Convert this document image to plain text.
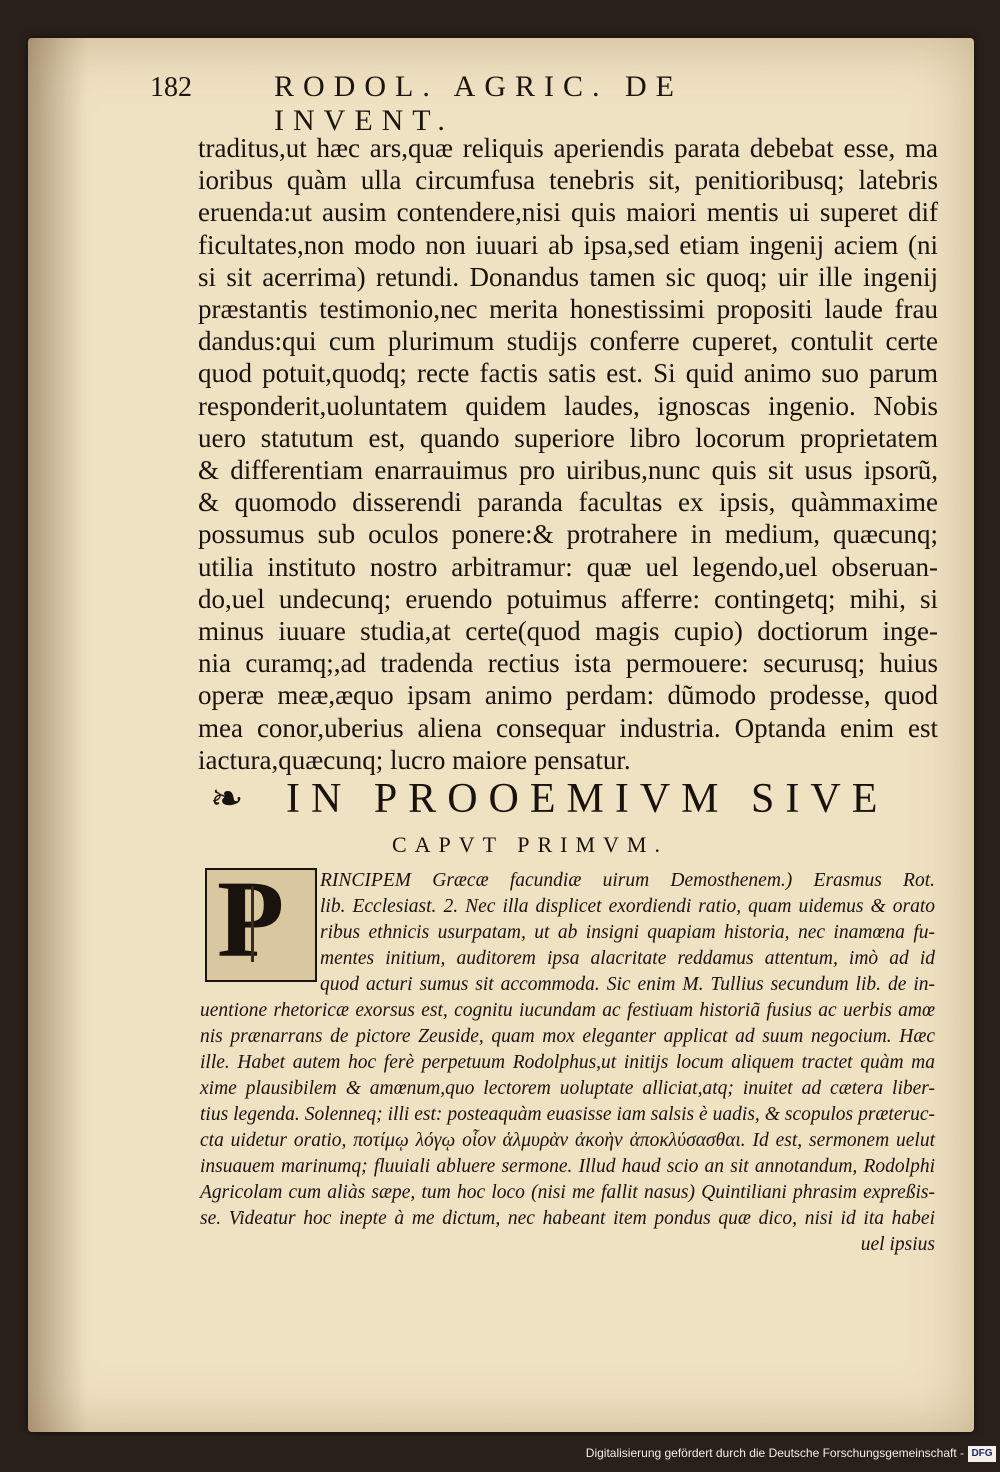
182	RODOL. AGRIC. DE INVENT.
traditus,ut hæc ars,quæ reliquis aperiendis parata debebat esse, ma
ioribus quàm ulla circumfusa tenebris sit, penitioribusq; latebris
eruenda:ut ausim contendere,nisi quis maiori mentis ui superet dif
ficultates,non modo non iuuari ab ipsa,sed etiam ingenij aciem (ni
si sit acerrima) retundi. Donandus tamen sic quoq; uir ille ingenij
præstantis testimonio,nec merita honestissimi propositi laude frau
dandus:qui cum plurimum studijs conferre cuperet, contulit certe
quod potuit,quodq; recte factis satis est. Si quid animo suo parum
responderit,uoluntatem quidem laudes, ignoscas ingenio. Nobis
uero statutum est, quando superiore libro locorum proprietatem
& differentiam enarrauimus pro uiribus,nunc quis sit usus ipsorũ,
& quomodo disserendi paranda facultas ex ipsis, quàmmaxime
possumus sub oculos ponere:& protrahere in medium, quæcunq;
utilia instituto nostro arbitramur: quæ uel legendo,uel obseruan-
do,uel undecunq; eruendo potuimus afferre: contingetq; mihi, si
minus iuuare studia,at certe(quod magis cupio) doctiorum inge-
nia curamq;,ad tradenda rectius ista permouere: securusq; huius
operæ meæ,æquo ipsam animo perdam: dũmodo prodesse, quod
mea conor,uberius aliena consequar industria. Optanda enim est
iactura,quæcunq; lucro maiore pensatur.
❧ IN PROOEMIVM SIVE
CAPVT PRIMVM.
RINCIPEM Græcæ facundiæ uirum Demosthenem.) Erasmus Rot.
lib. Ecclesiast. 2. Nec illa displicet exordiendi ratio, quam uidemus & orato
ribus ethnicis usurpatam, ut ab insigni quapiam historia, nec inamœna fu-
mentes initium, auditorem ipsa alacritate reddamus attentum, imò ad id
quod acturi sumus sit accommoda. Sic enim M. Tullius secundum lib. de in-
uentione rhetoricæ exorsus est, cognitu iucundam ac festiuam historiã fusius ac uerbis amœ
nis prænarrans de pictore Zeuside, quam mox eleganter applicat ad suum negocium. Hæc
ille. Habet autem hoc ferè perpetuum Rodolphus,ut initijs locum aliquem tractet quàm ma
xime plausibilem & amœnum,quo lectorem uoluptate alliciat,atq; inuitet ad cætera liber-
tius legenda. Solenneq; illi est: posteaquàm euasisse iam salsis è uadis, & scopulos præteruc-
cta uidetur oratio, ποτίμῳ λόγῳ οἷον ἁλμυρὰν ἀκοὴν ἀποκλύσασθαι. Id est, sermonem uelut
insuauem marinumq; fluuiali abluere sermone. Illud haud scio an sit annotandum, Rodolphi
Agricolam cum aliàs sæpe, tum hoc loco (nisi me fallit nasus) Quintiliani phrasim expreßis-
se. Videatur hoc inepte à me dictum, nec habeant item pondus quæ dico, nisi id ita habei
uel ipsius
P
Digitalisierung gefördert durch die Deutsche Forschungsgemeinschaft - DFG
